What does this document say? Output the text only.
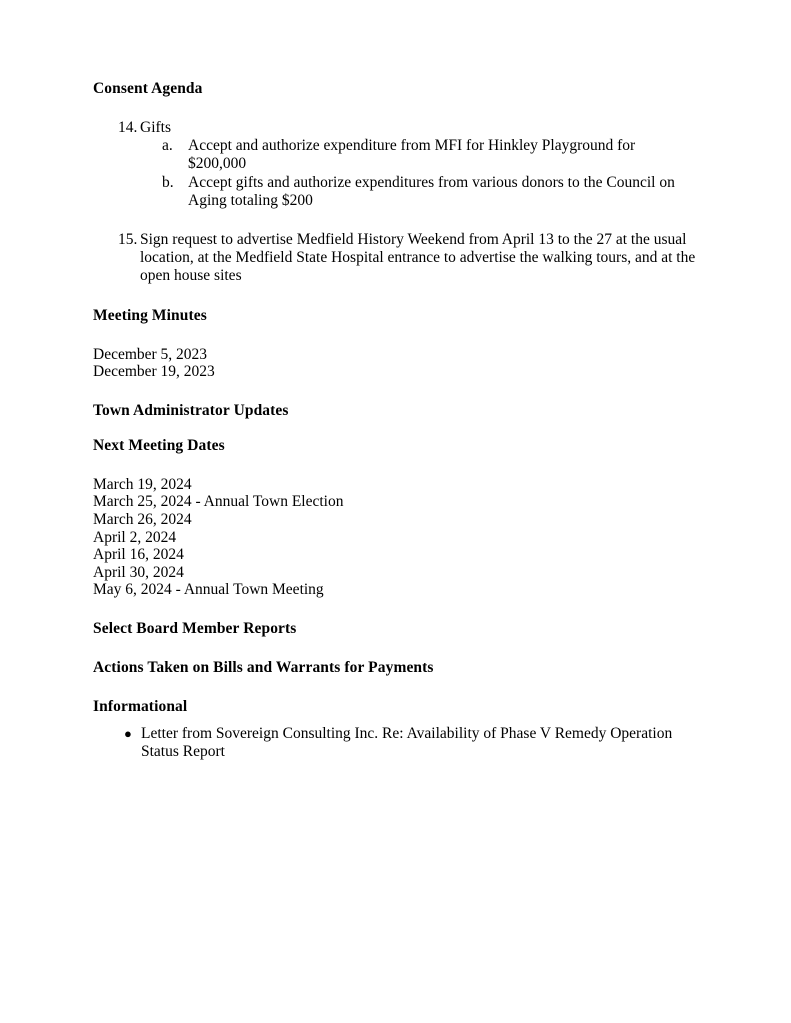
Consent Agenda
14. Gifts
a. Accept and authorize expenditure from MFI for Hinkley Playground for $200,000
b. Accept gifts and authorize expenditures from various donors to the Council on Aging totaling $200
15. Sign request to advertise Medfield History Weekend from April 13 to the 27 at the usual location, at the Medfield State Hospital entrance to advertise the walking tours, and at the open house sites
Meeting Minutes

December 5, 2023

December 19, 2023

Town Administrator Updates
Next Meeting Dates

March 19, 2024

March 25, 2024 - Annual Town Election

March 26, 2024

April 2, 2024

April 16, 2024

April 30, 2024

May 6, 2024 - Annual Town Meeting

Select Board Member Reports
Actions Taken on Bills and Warrants for Payments
Informational
● Letter from Sovereign Consulting Inc. Re: Availability of Phase V Remedy Operation Status Report
